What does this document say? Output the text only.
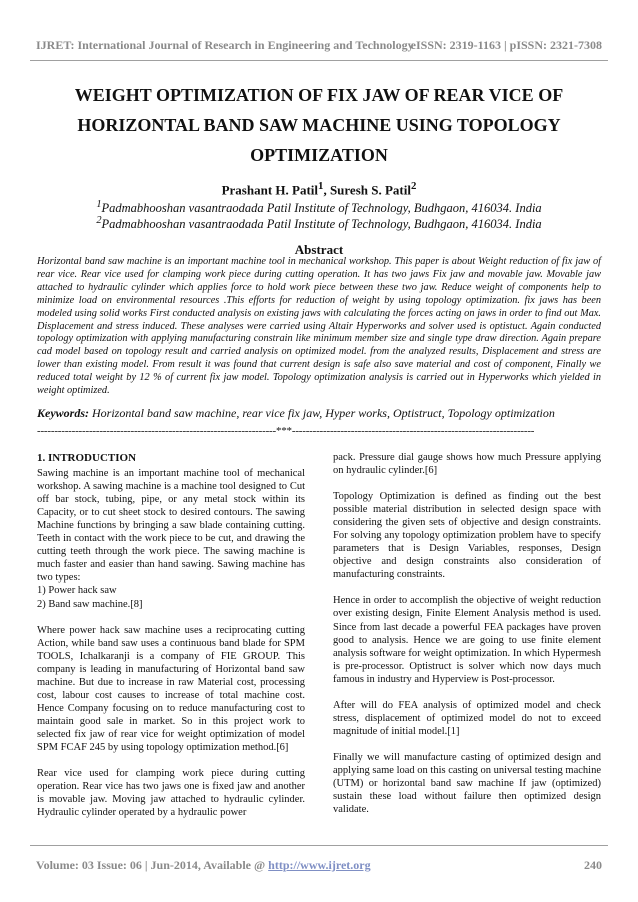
IJRET: International Journal of Research in Engineering and Technology
eISSN: 2319-1163 | pISSN: 2321-7308
WEIGHT OPTIMIZATION OF FIX JAW OF REAR VICE OF
HORIZONTAL BAND SAW MACHINE USING TOPOLOGY
OPTIMIZATION
Prashant H. Patil$^1$, Suresh S. Patil$^2$
$^1$Padmabhooshan vasantraodada Patil Institute of Technology, Budhgaon, 416034. India
$^2$Padmabhooshan vasantraodada Patil Institute of Technology, Budhgaon, 416034. India
Abstract

Horizontal band saw machine is an important machine tool in mechanical workshop. This paper is about Weight reduction of fix jaw of rear vice. Rear vice used for clamping work piece during cutting operation. It has two jaws Fix jaw and movable jaw. Movable jaw attached to hydraulic cylinder which applies force to hold work piece between these two jaw. Reduce weight of components help to minimize load on environmental resources .This efforts for reduction of weight by using topology optimization. fix jaws has been modeled using solid works First conducted analysis on existing jaws with calculating the forces acting on jaws in order to find out Max. Displacement and stress induced. These analyses were carried using Altair Hyperworks and solver used is optistuct. Again conducted topology optimization with applying manufacturing constrain like minimum member size and single type draw direction. Again prepare cad model based on topology result and carried analysis on optimized model. from the analyzed results, Displacement and stress are lower than existing model. From result it was found that current design is safe also save material and cost of component, Finally we reduced total weight by 12 % of current fix jaw model. Topology optimization analysis is carried out in Hyperworks which yielded in weight optimized.

Keywords: Horizontal band saw machine, rear vice fix jaw, Hyper works, Optistruct, Topology optimization
---------------------------------------------------------------------***----------------------------------------------------------------------
1. INTRODUCTION

Sawing machine is an important machine tool of mechanical workshop. A sawing machine is a machine tool designed to Cut off bar stock, tubing, pipe, or any metal stock within its Capacity, or to cut sheet stock to desired contours. The sawing Machine functions by bringing a saw blade containing cutting. Teeth in contact with the work piece to be cut, and drawing the cutting teeth through the work piece. The sawing machine is much faster and easier than hand sawing. Sawing machine has two types:

1) Power hack saw

2) Band saw machine.[8]

Where power hack saw machine uses a reciprocating cutting Action, while band saw uses a continuous band blade for SPM TOOLS, Ichalkaranji is a company of FIE GROUP. This company is leading in manufacturing of Horizontal band saw machine. But due to increase in raw Material cost, processing cost, labour cost causes to increase of total machine cost. Hence Company focusing on to reduce manufacturing cost to maintain good sale in market. So in this project work to selected fix jaw of rear vice for weight optimization of model SPM FCAF 245 by using topology optimization method.[6]

Rear vice used for clamping work piece during cutting operation. Rear vice has two jaws one is fixed jaw and another is movable jaw. Moving jaw attached to hydraulic cylinder. Hydraulic cylinder operated by a hydraulic power

pack. Pressure dial gauge shows how much Pressure applying on hydraulic cylinder.[6]

Topology Optimization is defined as finding out the best possible material distribution in selected design space with considering the given sets of objective and design constraints. For solving any topology optimization problem have to specify parameters that is Design Variables, responses, Design objective and design constraints also consideration of manufacturing constraints.

Hence in order to accomplish the objective of weight reduction over existing design, Finite Element Analysis method is used. Since from last decade a powerful FEA packages have proven good to analysis. Hence we are going to use finite element analysis software for weight optimization. In which Hypermesh is pre-processor. Optistruct is solver which now days much famous in industry and Hyperview is Post-processor.

After will do FEA analysis of optimized model and check stress, displacement of optimized model do not to exceed magnitude of initial model.[1]

Finally we will manufacture casting of optimized design and applying same load on this casting on universal testing machine (UTM) or horizontal band saw machine If jaw (optimized) sustain these load without failure then optimized design validate.

Volume: 03 Issue: 06 | Jun-2014, Available @ http://www.ijret.org	240
